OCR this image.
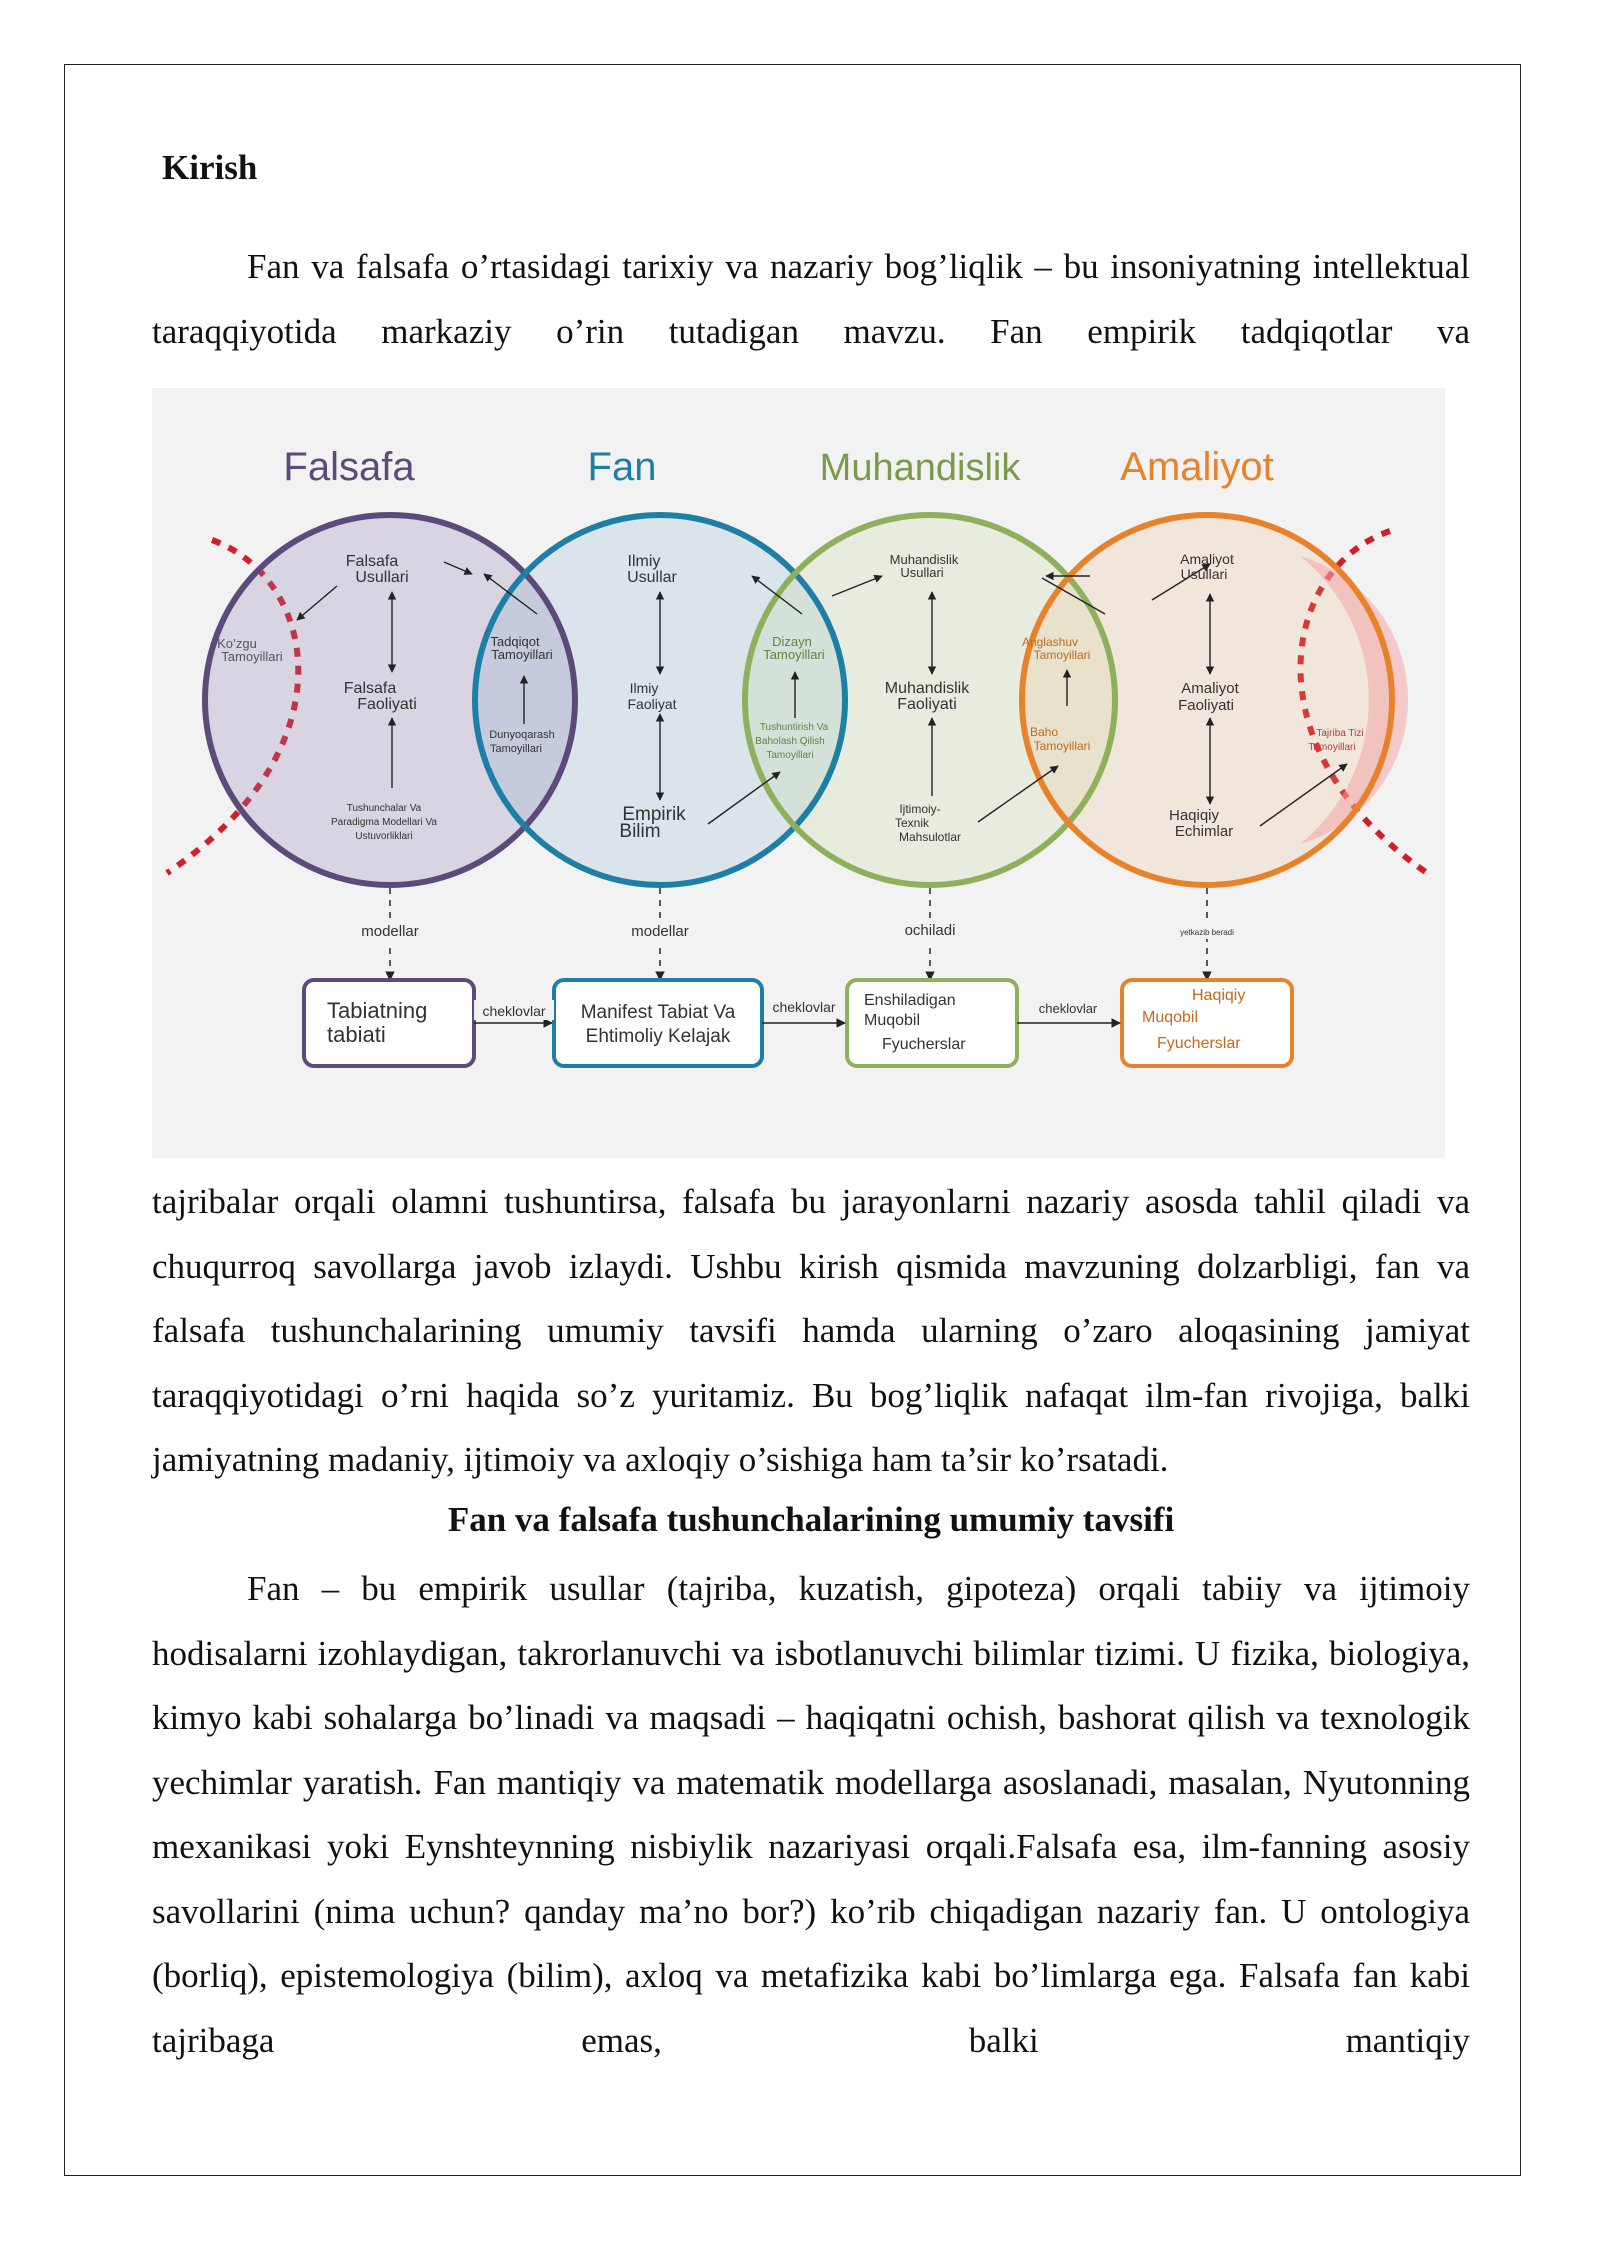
Kirish

Fan va falsafa o’rtasidagi tarixiy va nazariy bog’liqlik – bu insoniyatning intellektual taraqqiyotida markaziy o’rin tutadigan mavzu. Fan empirik tadqiqotlar va

Falsafa	Fan	Muhandislik Amaliyot
Falsafa Usullari
Falsafa Faoliyati
Ko’zgu Tamoyillari
Tushunchalar Va Paradigma Modellari Va Ustuvorliklari
Tadqiqot Tamoyillari
Dunyoqarash Tamoyillari
Ilmiy Usullar
Ilmiy Faoliyat
Empirik Bilim
Dizayn Tamoyillari
Tushuntirish Va Baholash Qilish Tamoyillari
Muhandislik Usullari
Muhandislik Faoliyati
Ijtimoiy-Texnik Mahsulotlar
Anglashuv Tamoyillari
Baho Tamoyillari
Amaliyot Usullari
Amaliyot Faoliyati
Haqiqiy Echimlar
Tajriba Tizi Tamoyillari
modellar	modellar	ochiladi	yetkazib beradi
Tabiatning tabiati
Manifest Tabiat Va Ehtimoliy Kelajak
Enshiladigan Muqobil Fyucherslar
Haqiqiy Muqobil Fyucherslar
cheklovlar	cheklovlar	cheklovlar

tajribalar orqali olamni tushuntirsa, falsafa bu jarayonlarni nazariy asosda tahlil qiladi va chuqurroq savollarga javob izlaydi. Ushbu kirish qismida mavzuning dolzarbligi, fan va falsafa tushunchalarining umumiy tavsifi hamda ularning o’zaro aloqasining jamiyat taraqqiyotidagi o’rni haqida so’z yuritamiz. Bu bog’liqlik nafaqat ilm-fan rivojiga, balki jamiyatning madaniy, ijtimoiy va axloqiy o’sishiga ham ta’sir ko’rsatadi.

Fan va falsafa tushunchalarining umumiy tavsifi

Fan – bu empirik usullar (tajriba, kuzatish, gipoteza) orqali tabiiy va ijtimoiy hodisalarni izohlaydigan, takrorlanuvchi va isbotlanuvchi bilimlar tizimi. U fizika, biologiya, kimyo kabi sohalarga bo’linadi va maqsadi – haqiqatni ochish, bashorat qilish va texnologik yechimlar yaratish. Fan mantiqiy va matematik modellarga asoslanadi, masalan, Nyutonning mexanikasi yoki Eynshteynning nisbiylik nazariyasi orqali.Falsafa esa, ilm-fanning asosiy savollarini (nima uchun? qanday ma’no bor?) ko’rib chiqadigan nazariy fan. U ontologiya (borliq), epistemologiya (bilim), axloq va metafizika kabi bo’limlarga ega. Falsafa fan kabi tajribaga emas, balki mantiqiy
